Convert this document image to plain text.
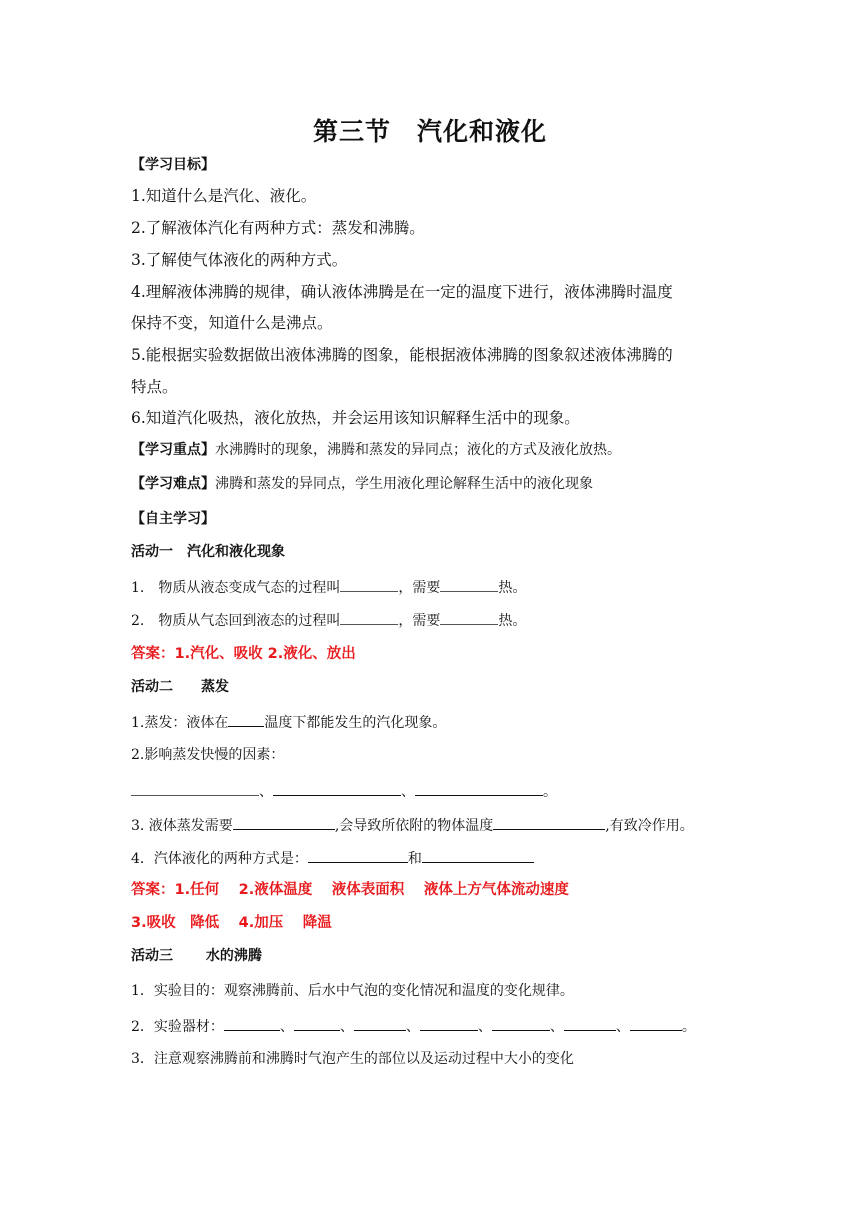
第三节　汽化和液化
【学习目标】
1.知道什么是汽化、液化。
2.了解液体汽化有两种方式：蒸发和沸腾。
3.了解使气体液化的两种方式。
4.理解液体沸腾的规律，确认液体沸腾是在一定的温度下进行，液体沸腾时温度
保持不变，知道什么是沸点。
5.能根据实验数据做出液体沸腾的图象，能根据液体沸腾的图象叙述液体沸腾的
特点。
6.知道汽化吸热，液化放热，并会运用该知识解释生活中的现象。
【学习重点】水沸腾时的现象，沸腾和蒸发的异同点；液化的方式及液化放热。
【学习难点】沸腾和蒸发的异同点，学生用液化理论解释生活中的液化现象
【自主学习】
活动一　汽化和液化现象
1.　物质从液态变成气态的过程叫	，需要	热。
2.　物质从气态回到液态的过程叫	，需要	热。
答案：1.汽化、吸收 2.液化、放出
活动二　　蒸发
1.蒸发：液体在	温度下都能发生的汽化现象。
2.影响蒸发快慢的因素：
、	、	。
3. 液体蒸发需要	,会导致所依附的物体温度	,有致冷作用。
4．汽体液化的两种方式是：	和
答案：1.任何　 2.液体温度　 液体表面积　 液体上方气体流动速度
3.吸收　降低　 4.加压　 降温
活动三　　 水的沸腾
1．实验目的：观察沸腾前、后水中气泡的变化情况和温度的变化规律。
2．实验器材：	、	、	、	、	、	、	。
3．注意观察沸腾前和沸腾时气泡产生的部位以及运动过程中大小的变化
